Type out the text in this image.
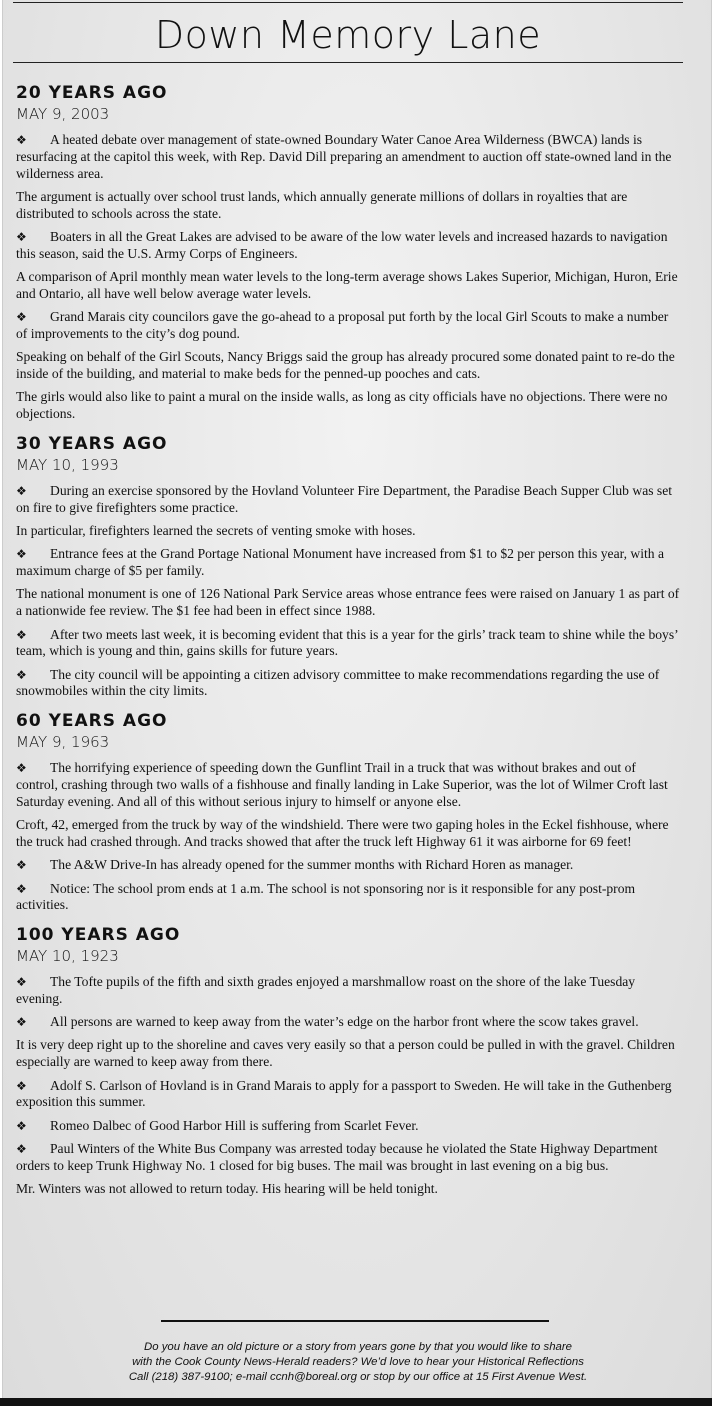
Down Memory Lane
20 YEARS AGO
MAY 9, 2003

❖ A heated debate over management of state-owned Boundary Water Canoe Area Wilderness (BWCA) lands is resurfacing at the capitol this week, with Rep. David Dill preparing an amendment to auction off state-owned land in the wilderness area.

The argument is actually over school trust lands, which annually generate millions of dollars in royalties that are distributed to schools across the state.

❖ Boaters in all the Great Lakes are advised to be aware of the low water levels and increased hazards to navigation this season, said the U.S. Army Corps of Engineers.

A comparison of April monthly mean water levels to the long-term average shows Lakes Superior, Michigan, Huron, Erie and Ontario, all have well below average water levels.

❖ Grand Marais city councilors gave the go-ahead to a proposal put forth by the local Girl Scouts to make a number of improvements to the city’s dog pound.

Speaking on behalf of the Girl Scouts, Nancy Briggs said the group has already procured some donated paint to re-do the inside of the building, and material to make beds for the penned-up pooches and cats.

The girls would also like to paint a mural on the inside walls, as long as city officials have no objections. There were no objections.

30 YEARS AGO
MAY 10, 1993

❖ During an exercise sponsored by the Hovland Volunteer Fire Department, the Paradise Beach Supper Club was set on fire to give firefighters some practice.

In particular, firefighters learned the secrets of venting smoke with hoses.

❖ Entrance fees at the Grand Portage National Monument have increased from $1 to $2 per person this year, with a maximum charge of $5 per family.

The national monument is one of 126 National Park Service areas whose entrance fees were raised on January 1 as part of a nationwide fee review. The $1 fee had been in effect since 1988.

❖ After two meets last week, it is becoming evident that this is a year for the girls’ track team to shine while the boys’ team, which is young and thin, gains skills for future years.

❖ The city council will be appointing a citizen advisory committee to make recommendations regarding the use of snowmobiles within the city limits.

60 YEARS AGO
MAY 9, 1963

❖ The horrifying experience of speeding down the Gunflint Trail in a truck that was without brakes and out of control, crashing through two walls of a fishhouse and finally landing in Lake Superior, was the lot of Wilmer Croft last Saturday evening. And all of this without serious injury to himself or anyone else.

Croft, 42, emerged from the truck by way of the windshield. There were two gaping holes in the Eckel fishhouse, where the truck had crashed through. And tracks showed that after the truck left Highway 61 it was airborne for 69 feet!

❖ The A&W Drive-In has already opened for the summer months with Richard Horen as manager.

❖ Notice: The school prom ends at 1 a.m. The school is not sponsoring nor is it responsible for any post-prom activities.

100 YEARS AGO
MAY 10, 1923

❖ The Tofte pupils of the fifth and sixth grades enjoyed a marshmallow roast on the shore of the lake Tuesday evening.

❖ All persons are warned to keep away from the water’s edge on the harbor front where the scow takes gravel.

It is very deep right up to the shoreline and caves very easily so that a person could be pulled in with the gravel. Children especially are warned to keep away from there.

❖ Adolf S. Carlson of Hovland is in Grand Marais to apply for a passport to Sweden. He will take in the Guthenberg exposition this summer.

❖ Romeo Dalbec of Good Harbor Hill is suffering from Scarlet Fever.

❖ Paul Winters of the White Bus Company was arrested today because he violated the State Highway Department orders to keep Trunk Highway No. 1 closed for big buses. The mail was brought in last evening on a big bus.

Mr. Winters was not allowed to return today. His hearing will be held tonight.

Do you have an old picture or a story from years gone by that you would like to share
with the Cook County News-Herald readers? We’d love to hear your Historical Reflections
Call (218) 387-9100; e-mail ccnh@boreal.org or stop by our office at 15 First Avenue West.
